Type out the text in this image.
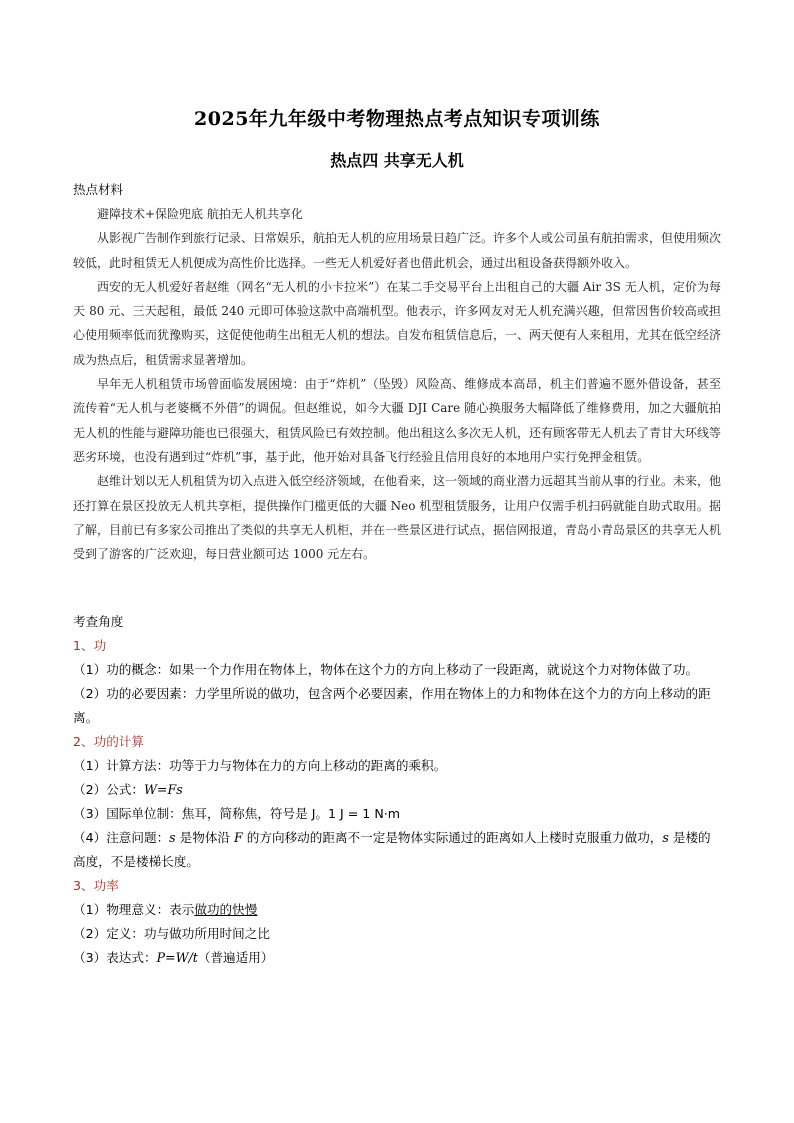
2025年九年级中考物理热点考点知识专项训练
热点四 共享无人机
热点材料

避障技术+保险兜底 航拍无人机共享化

从影视广告制作到旅行记录、日常娱乐，航拍无人机的应用场景日趋广泛。许多个人或公司虽有航拍需求，但使用频次较低，此时租赁无人机便成为高性价比选择。一些无人机爱好者也借此机会，通过出租设备获得额外收入。

西安的无人机爱好者赵维（网名“无人机的小卡拉米”）在某二手交易平台上出租自己的大疆 Air 3S 无人机，定价为每天 80 元、三天起租，最低 240 元即可体验这款中高端机型。他表示，许多网友对无人机充满兴趣，但常因售价较高或担心使用频率低而犹豫购买，这促使他萌生出租无人机的想法。自发布租赁信息后，一、两天便有人来租用，尤其在低空经济成为热点后，租赁需求显著增加。

早年无人机租赁市场曾面临发展困境：由于“炸机”（坠毁）风险高、维修成本高昂，机主们普遍不愿外借设备，甚至流传着“无人机与老婆概不外借”的调侃。但赵维说，如今大疆 DJI Care 随心换服务大幅降低了维修费用，加之大疆航拍无人机的性能与避障功能也已很强大，租赁风险已有效控制。他出租这么多次无人机，还有顾客带无人机去了青甘大环线等恶劣环境，也没有遇到过“炸机”事，基于此，他开始对具备飞行经验且信用良好的本地用户实行免押金租赁。

赵维计划以无人机租赁为切入点进入低空经济领域，在他看来，这一领域的商业潜力远超其当前从事的行业。未来，他还打算在景区投放无人机共享柜，提供操作门槛更低的大疆 Neo 机型租赁服务，让用户仅需手机扫码就能自助式取用。据了解，目前已有多家公司推出了类似的共享无人机柜，并在一些景区进行试点，据信网报道，青岛小青岛景区的共享无人机受到了游客的广泛欢迎，每日营业额可达 1000 元左右。

考查角度
1、功
（1）功的概念：如果一个力作用在物体上，物体在这个力的方向上移动了一段距离，就说这个力对物体做了功。
（2）功的必要因素：力学里所说的做功，包含两个必要因素，作用在物体上的力和物体在这个力的方向上移动的距离。
2、功的计算
（1）计算方法：功等于力与物体在力的方向上移动的距离的乘积。
（2）公式：W=Fs
（3）国际单位制：焦耳，简称焦，符号是 J。1 J = 1 N·m
（4）注意问题：s 是物体沿 F 的方向移动的距离不一定是物体实际通过的距离如人上楼时克服重力做功，s 是楼的高度，不是楼梯长度。
3、功率
（1）物理意义：表示做功的快慢
（2）定义：功与做功所用时间之比
（3）表达式：P=W/t（普遍适用）
